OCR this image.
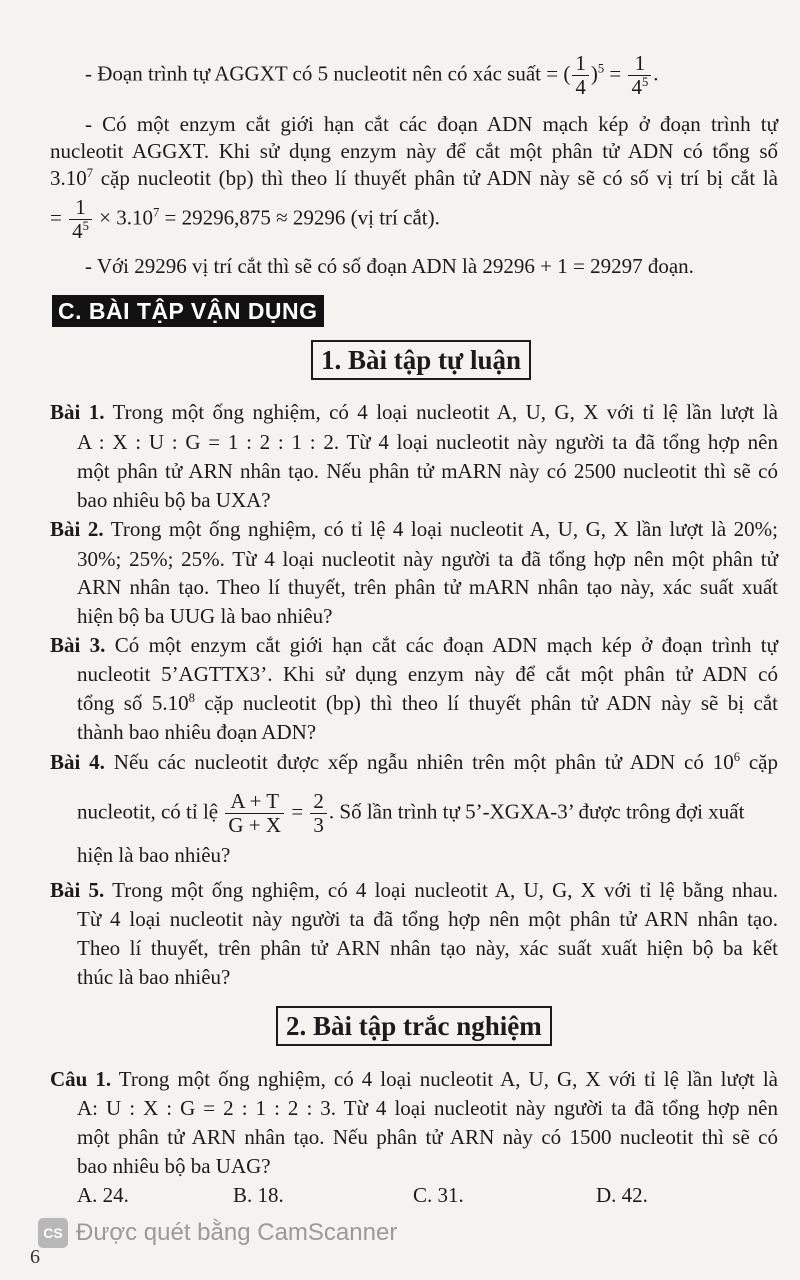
- Đoạn trình tự AGGXT có 5 nucleotit nên có xác suất = ( $\frac{1}{4} )^5 = \frac{1}{4^5}$ .
- Có một enzym cắt giới hạn cắt các đoạn ADN mạch kép ở đoạn trình tự
nucleotit AGGXT. Khi sử dụng enzym này để cắt một phân tử ADN có tổng số
3.10$^7$ cặp nucleotit (bp) thì theo lí thuyết phân tử ADN này sẽ có số vị trí bị cắt là
= $\frac{1}{4^5} \times 3.10^7 = 29296,875 \approx 29296$ (vị trí cắt).
- Với 29296 vị trí cắt thì sẽ có số đoạn ADN là 29296 + 1 = 29297 đoạn.
C. BÀI TẬP VẬN DỤNG
1. Bài tập tự luận
Bài 1. Trong một ống nghiệm, có 4 loại nucleotit A, U, G, X với tỉ lệ lần lượt là
A : X : U : G = 1 : 2 : 1 : 2. Từ 4 loại nucleotit này người ta đã tổng hợp nên
một phân tử ARN nhân tạo. Nếu phân tử mARN này có 2500 nucleotit thì sẽ có
bao nhiêu bộ ba UXA?
Bài 2. Trong một ống nghiệm, có tỉ lệ 4 loại nucleotit A, U, G, X lần lượt là 20%;
30%; 25%; 25%. Từ 4 loại nucleotit này người ta đã tổng hợp nên một phân tử
ARN nhân tạo. Theo lí thuyết, trên phân tử mARN nhân tạo này, xác suất xuất
hiện bộ ba UUG là bao nhiêu?
Bài 3. Có một enzym cắt giới hạn cắt các đoạn ADN mạch kép ở đoạn trình tự
nucleotit 5’AGTTX3’. Khi sử dụng enzym này để cắt một phân tử ADN có
tổng số 5.10$^8$ cặp nucleotit (bp) thì theo lí thuyết phân tử ADN này sẽ bị cắt
thành bao nhiêu đoạn ADN?
Bài 4. Nếu các nucleotit được xếp ngẫu nhiên trên một phân tử ADN có $10^6$ cặp
nucleotit, có tỉ lệ $\frac{A + T}{G + X} = \frac{2}{3}$ . Số lần trình tự 5’-XGXA-3’ được trông đợi xuất
hiện là bao nhiêu?
Bài 5. Trong một ống nghiệm, có 4 loại nucleotit A, U, G, X với tỉ lệ bằng nhau.
Từ 4 loại nucleotit này người ta đã tổng hợp nên một phân tử ARN nhân tạo.
Theo lí thuyết, trên phân tử ARN nhân tạo này, xác suất xuất hiện bộ ba kết
thúc là bao nhiêu?
2. Bài tập trắc nghiệm
Câu 1. Trong một ống nghiệm, có 4 loại nucleotit A, U, G, X với tỉ lệ lần lượt là
A: U : X : G = 2 : 1 : 2 : 3. Từ 4 loại nucleotit này người ta đã tổng hợp nên
một phân tử ARN nhân tạo. Nếu phân tử ARN này có 1500 nucleotit thì sẽ có
bao nhiêu bộ ba UAG?
A. 24.	B. 18.	C. 31.	D. 42.
CS Được quét bằng CamScanner
6
